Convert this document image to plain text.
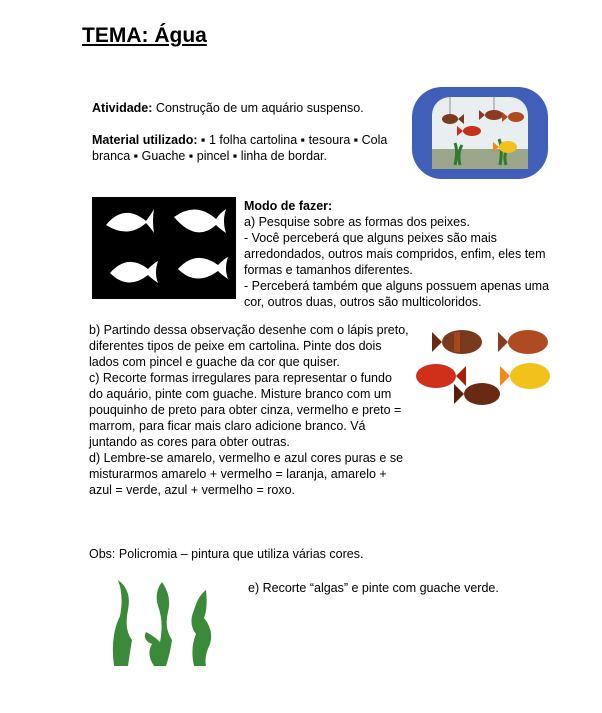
TEMA: Água
Atividade: Construção de um aquário suspenso.
Material utilizado: ▪ 1 folha cartolina ▪ tesoura ▪ Cola branca ▪ Guache ▪ pincel ▪ linha de bordar.
Modo de fazer:
a) Pesquise sobre as formas dos peixes.
- Você perceberá que alguns peixes são mais arredondados, outros mais compridos, enfim, eles tem formas e tamanhos diferentes.
- Perceberá também que alguns possuem apenas uma cor, outros duas, outros são multicoloridos.
b) Partindo dessa observação desenhe com o lápis preto, diferentes tipos de peixe em cartolina. Pinte dos dois lados com pincel e guache da cor que quiser.
c) Recorte formas irregulares para representar o fundo do aquário, pinte com guache. Misture branco com um pouquinho de preto para obter cinza, vermelho e preto = marrom, para ficar mais claro adicione branco. Vá juntando as cores para obter outras.
d) Lembre-se amarelo, vermelho e azul cores puras e se misturarmos amarelo + vermelho = laranja, amarelo + azul = verde, azul + vermelho = roxo.
Obs: Policromia – pintura que utiliza várias cores.
e) Recorte “algas” e pinte com guache verde.
